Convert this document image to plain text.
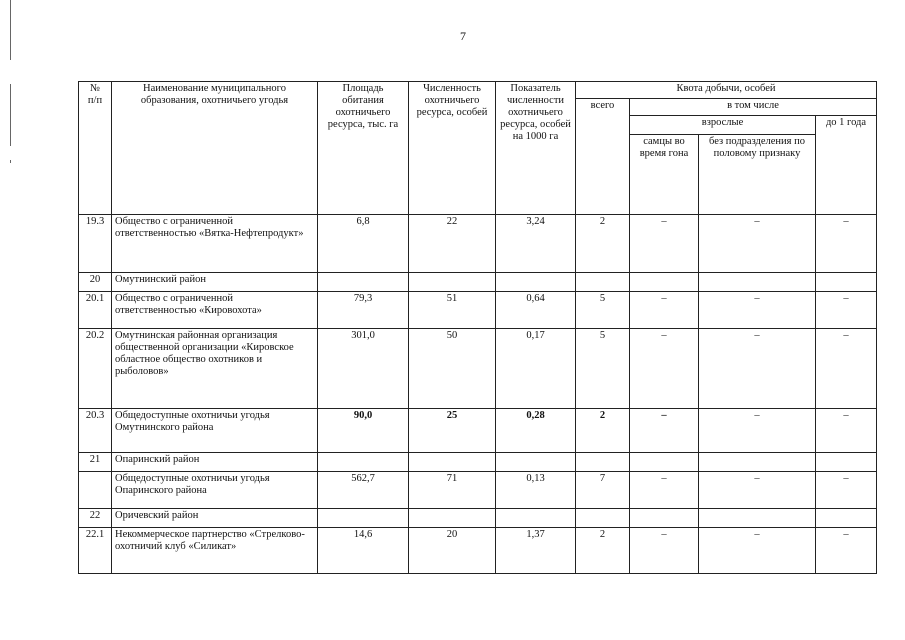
7
№
п/п	Наименование муниципального образования, охотничьего угодья	Площадь обитания охотничьего ресурса, тыс. га	Численность охотничьего ресурса, особей	Показатель численности охотничьего ресурса, особей на 1000 га	Квота добычи, особей			
					всего	в том числе		
						взрослые		до 1 года
						самцы во время гона	без подразделения по половому признаку	
19.3	Общество с ограниченной ответственностью «Вятка-Нефтепродукт»	6,8	22	3,24	2	–	–	–
20	Омутнинский район							
20.1	Общество с ограниченной ответственностью «Кировохота»	79,3	51	0,64	5	–	–	–
20.2	Омутнинская районная организация общественной организации «Кировское областное общество охотников и рыболовов»	301,0	50	0,17	5	–	–	–
20.3	Общедоступные охотничьи угодья Омутнинского района	90,0	25	0,28	2	–	–	–
21	Опаринский район							
	Общедоступные охотничьи угодья Опаринского района	562,7	71	0,13	7	–	–	–
22	Оричевский район							
22.1	Некоммерческое партнерство «Стрелково-охотничий клуб «Силикат»	14,6	20	1,37	2	–	–	–
